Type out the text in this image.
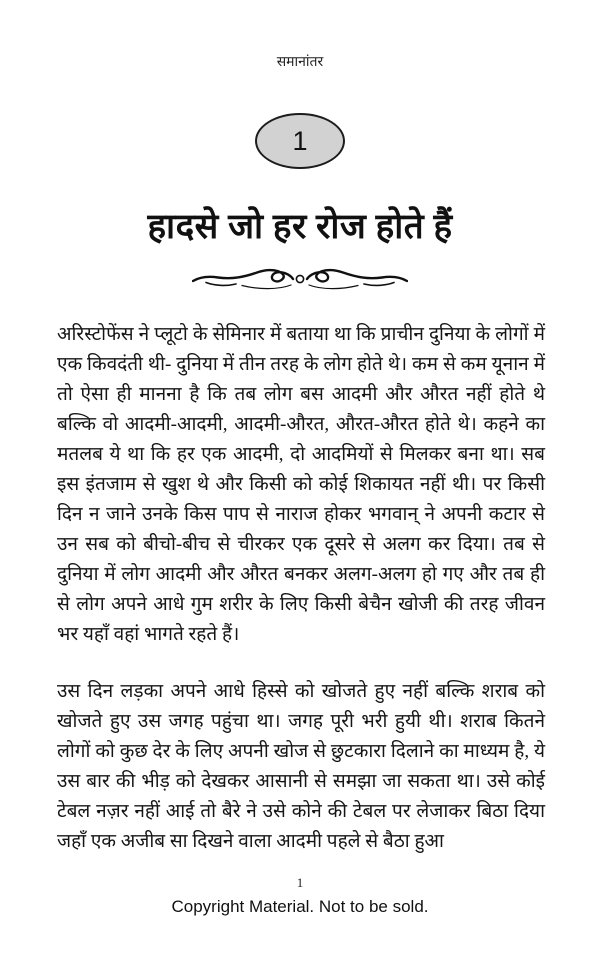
समानांतर
1
हादसे जो हर रोज होते हैं

अरिस्टोफेंस ने प्लूटो के सेमिनार में बताया था कि प्राचीन दुनिया के लोगों में एक किवदंती थी- दुनिया में तीन तरह के लोग होते थे। कम से कम यूनान में तो ऐसा ही मानना है कि तब लोग बस आदमी और औरत नहीं होते थे बल्कि वो आदमी-आदमी, आदमी-औरत, औरत-औरत होते थे। कहने का मतलब ये था कि हर एक आदमी, दो आदमियों से मिलकर बना था। सब इस इंतजाम से खुश थे और किसी को कोई शिकायत नहीं थी। पर किसी दिन न जाने उनके किस पाप से नाराज होकर भगवान् ने अपनी कटार से उन सब को बीचो-बीच से चीरकर एक दूसरे से अलग कर दिया। तब से दुनिया में लोग आदमी और औरत बनकर अलग-अलग हो गए और तब ही से लोग अपने आधे गुम शरीर के लिए किसी बेचैन खोजी की तरह जीवन भर यहाँ वहां भागते रहते हैं।

उस दिन लड़का अपने आधे हिस्से को खोजते हुए नहीं बल्कि शराब को खोजते हुए उस जगह पहुंचा था। जगह पूरी भरी हुयी थी। शराब कितने लोगों को कुछ देर के लिए अपनी खोज से छुटकारा दिलाने का माध्यम है, ये उस बार की भीड़ को देखकर आसानी से समझा जा सकता था। उसे कोई टेबल नज़र नहीं आई तो बैरे ने उसे कोने की टेबल पर लेजाकर बिठा दिया जहाँ एक अजीब सा दिखने वाला आदमी पहले से बैठा हुआ

1
Copyright Material. Not to be sold.
